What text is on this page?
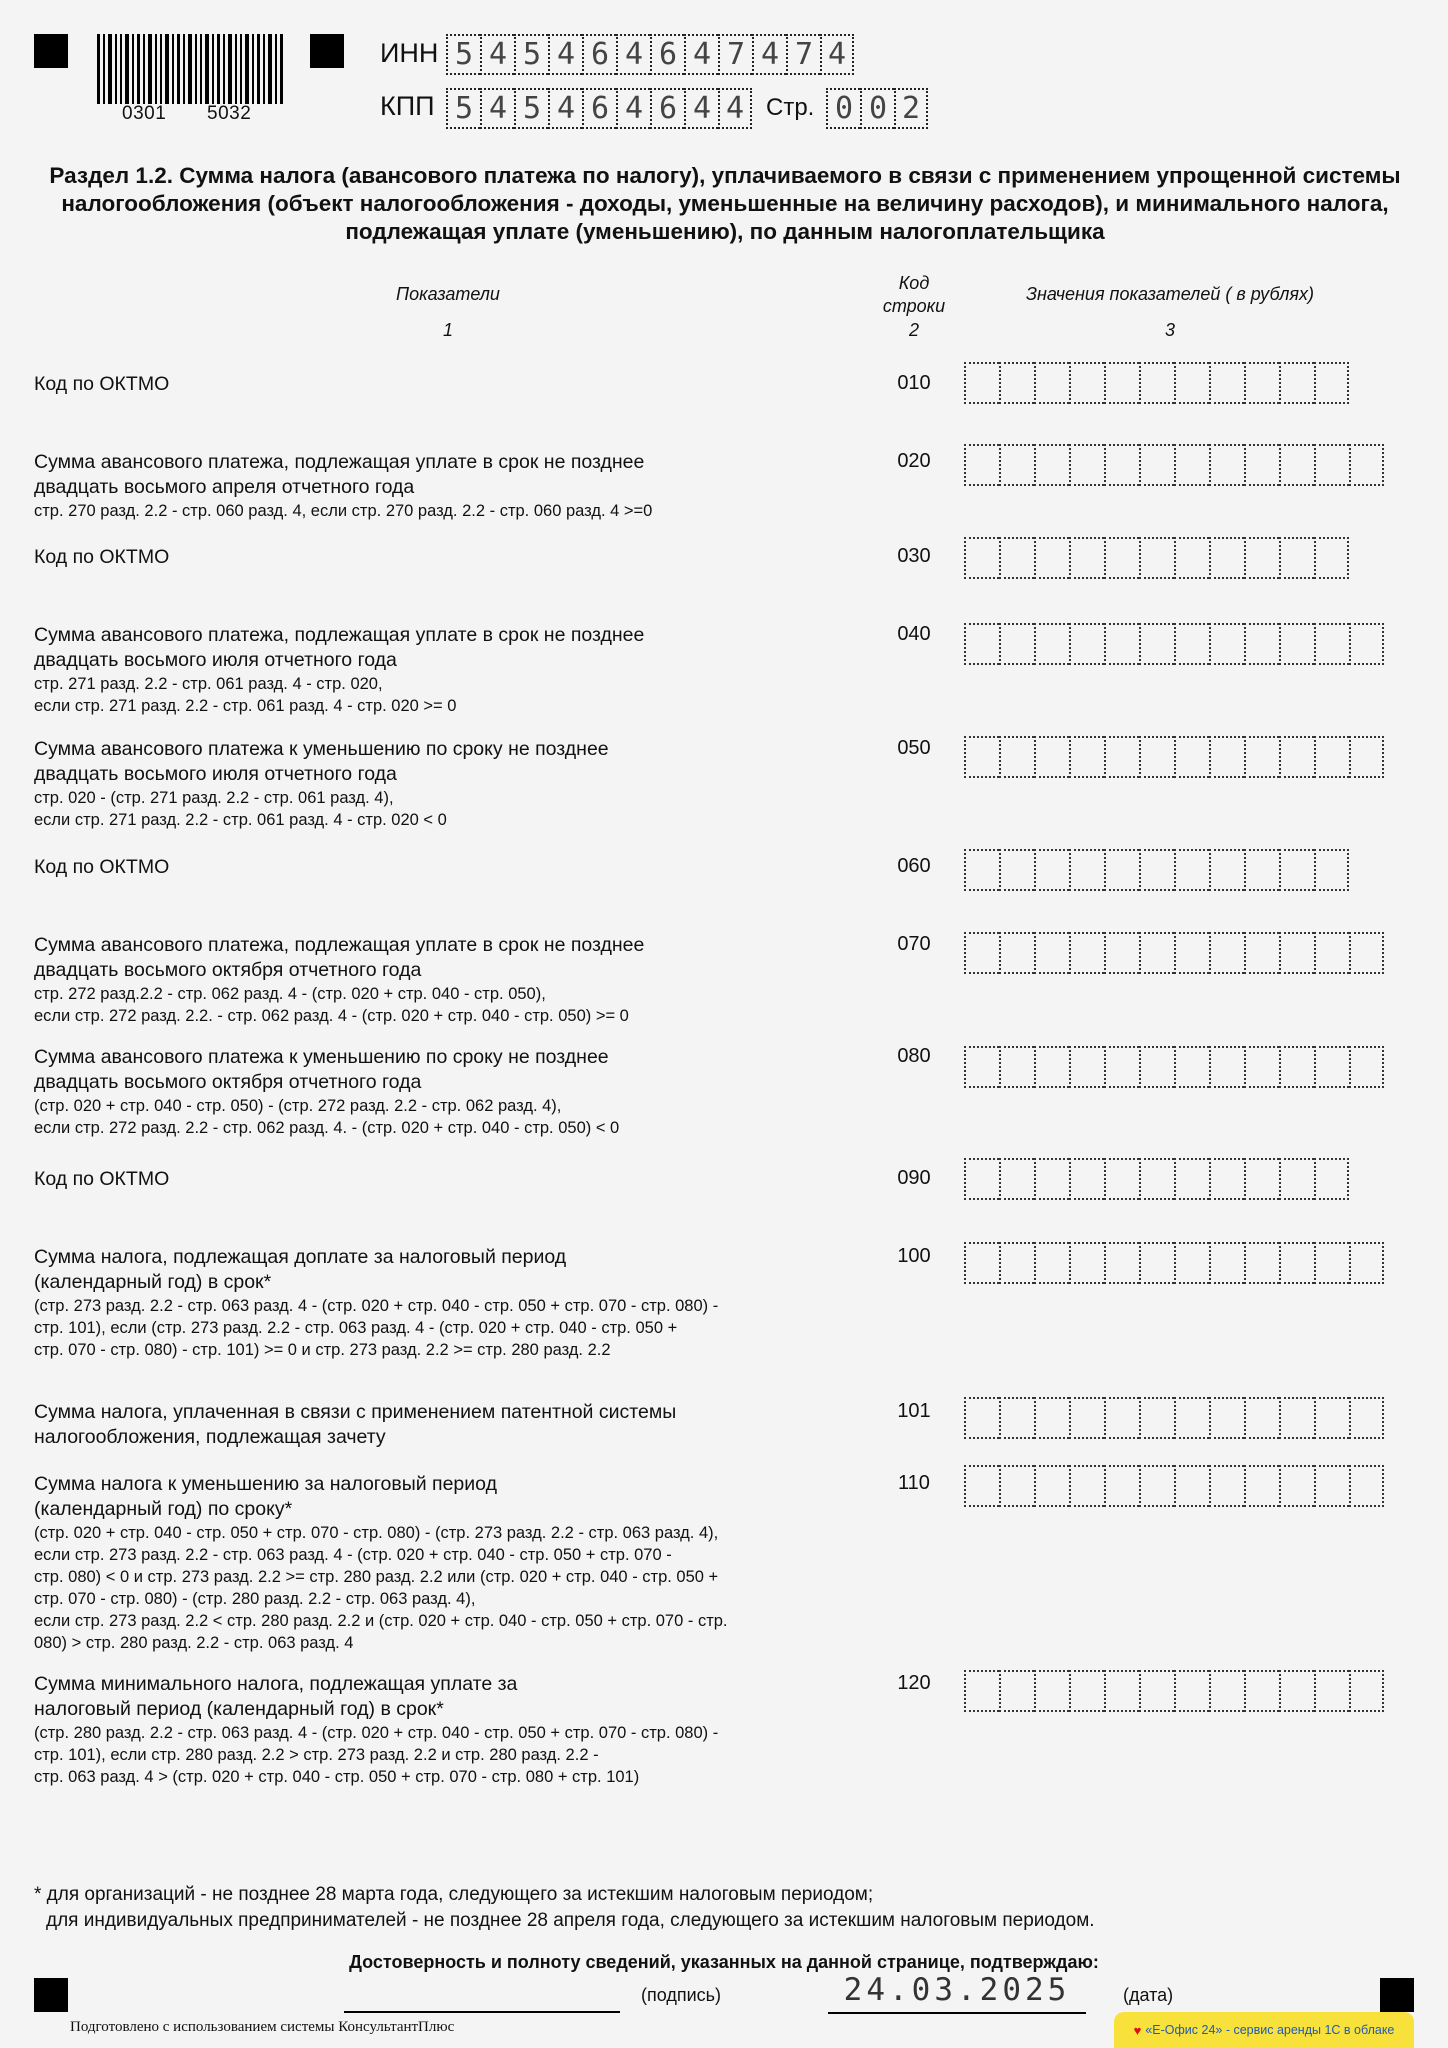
0301 5032
ИНН 5 4 5 4 6 4 6 4 7 4 7 4
КПП 5 4 5 4 6 4 6 4 4 Стр. 0 0 2
Раздел 1.2. Сумма налога (авансового платежа по налогу), уплачиваемого в связи с применением упрощенной системы налогообложения (объект налогообложения - доходы, уменьшенные на величину расходов), и минимального налога, подлежащая уплате (уменьшению), по данным налогоплательщика
Показатели
1
Код строки
2
Значения показателей ( в рублях)
3
Код по ОКТМО	010
Сумма авансового платежа, подлежащая уплате в срок не позднее
двадцать восьмого апреля отчетного года
стр. 270 разд. 2.2 - стр. 060 разд. 4, если стр. 270 разд. 2.2 - стр. 060 разд. 4 >=0
020
Код по ОКТМО	030
Сумма авансового платежа, подлежащая уплате в срок не позднее
двадцать восьмого июля отчетного года
стр. 271 разд. 2.2 - стр. 061 разд. 4 - стр. 020,
если стр. 271 разд. 2.2 - стр. 061 разд. 4 - стр. 020 >= 0
040
Сумма авансового платежа к уменьшению по сроку не позднее
двадцать восьмого июля отчетного года
стр. 020 - (стр. 271 разд. 2.2 - стр. 061 разд. 4),
если стр. 271 разд. 2.2 - стр. 061 разд. 4 - стр. 020 < 0
050
Код по ОКТМО	060
Сумма авансового платежа, подлежащая уплате в срок не позднее
двадцать восьмого октября отчетного года
стр. 272 разд.2.2 - стр. 062 разд. 4 - (стр. 020 + стр. 040 - стр. 050),
если стр. 272 разд. 2.2. - стр. 062 разд. 4 - (стр. 020 + стр. 040 - стр. 050) >= 0
070
Сумма авансового платежа к уменьшению по сроку не позднее
двадцать восьмого октября отчетного года
(стр. 020 + стр. 040 - стр. 050) - (стр. 272 разд. 2.2 - стр. 062 разд. 4),
если стр. 272 разд. 2.2 - стр. 062 разд. 4. - (стр. 020 + стр. 040 - стр. 050) < 0
080
Код по ОКТМО	090
Сумма налога, подлежащая доплате за налоговый период
(календарный год) в срок*
(стр. 273 разд. 2.2 - стр. 063 разд. 4 - (стр. 020 + стр. 040 - стр. 050 + стр. 070 - стр. 080) -
стр. 101), если (стр. 273 разд. 2.2 - стр. 063 разд. 4 - (стр. 020 + стр. 040 - стр. 050 +
стр. 070 - стр. 080) - стр. 101) >= 0 и стр. 273 разд. 2.2 >= стр. 280 разд. 2.2
100
Сумма налога, уплаченная в связи с применением патентной системы
налогообложения, подлежащая зачету
101
Сумма налога к уменьшению за налоговый период
(календарный год) по сроку*
(стр. 020 + стр. 040 - стр. 050 + стр. 070 - стр. 080) - (стр. 273 разд. 2.2 - стр. 063 разд. 4),
если стр. 273 разд. 2.2 - стр. 063 разд. 4 - (стр. 020 + стр. 040 - стр. 050 + стр. 070 -
стр. 080) < 0 и стр. 273 разд. 2.2 >= стр. 280 разд. 2.2 или (стр. 020 + стр. 040 - стр. 050 +
стр. 070 - стр. 080) - (стр. 280 разд. 2.2 - стр. 063 разд. 4),
если стр. 273 разд. 2.2 < стр. 280 разд. 2.2 и (стр. 020 + стр. 040 - стр. 050 + стр. 070 - стр.
080) > стр. 280 разд. 2.2 - стр. 063 разд. 4
110
Сумма минимального налога, подлежащая уплате за
налоговый период (календарный год) в срок*
(стр. 280 разд. 2.2 - стр. 063 разд. 4 - (стр. 020 + стр. 040 - стр. 050 + стр. 070 - стр. 080) -
стр. 101), если стр. 280 разд. 2.2 > стр. 273 разд. 2.2 и стр. 280 разд. 2.2 -
стр. 063 разд. 4 > (стр. 020 + стр. 040 - стр. 050 + стр. 070 - стр. 080 + стр. 101)
120
* для организаций - не позднее 28 марта года, следующего за истекшим налоговым периодом;
для индивидуальных предпринимателей - не позднее 28 апреля года, следующего за истекшим налоговым периодом.
Достоверность и полноту сведений, указанных на данной странице, подтверждаю:
(подпись)	24.03.2025	(дата)
Подготовлено с использованием системы КонсультантПлюс	♥ «Е-Офис 24» - сервис аренды 1С в облаке
